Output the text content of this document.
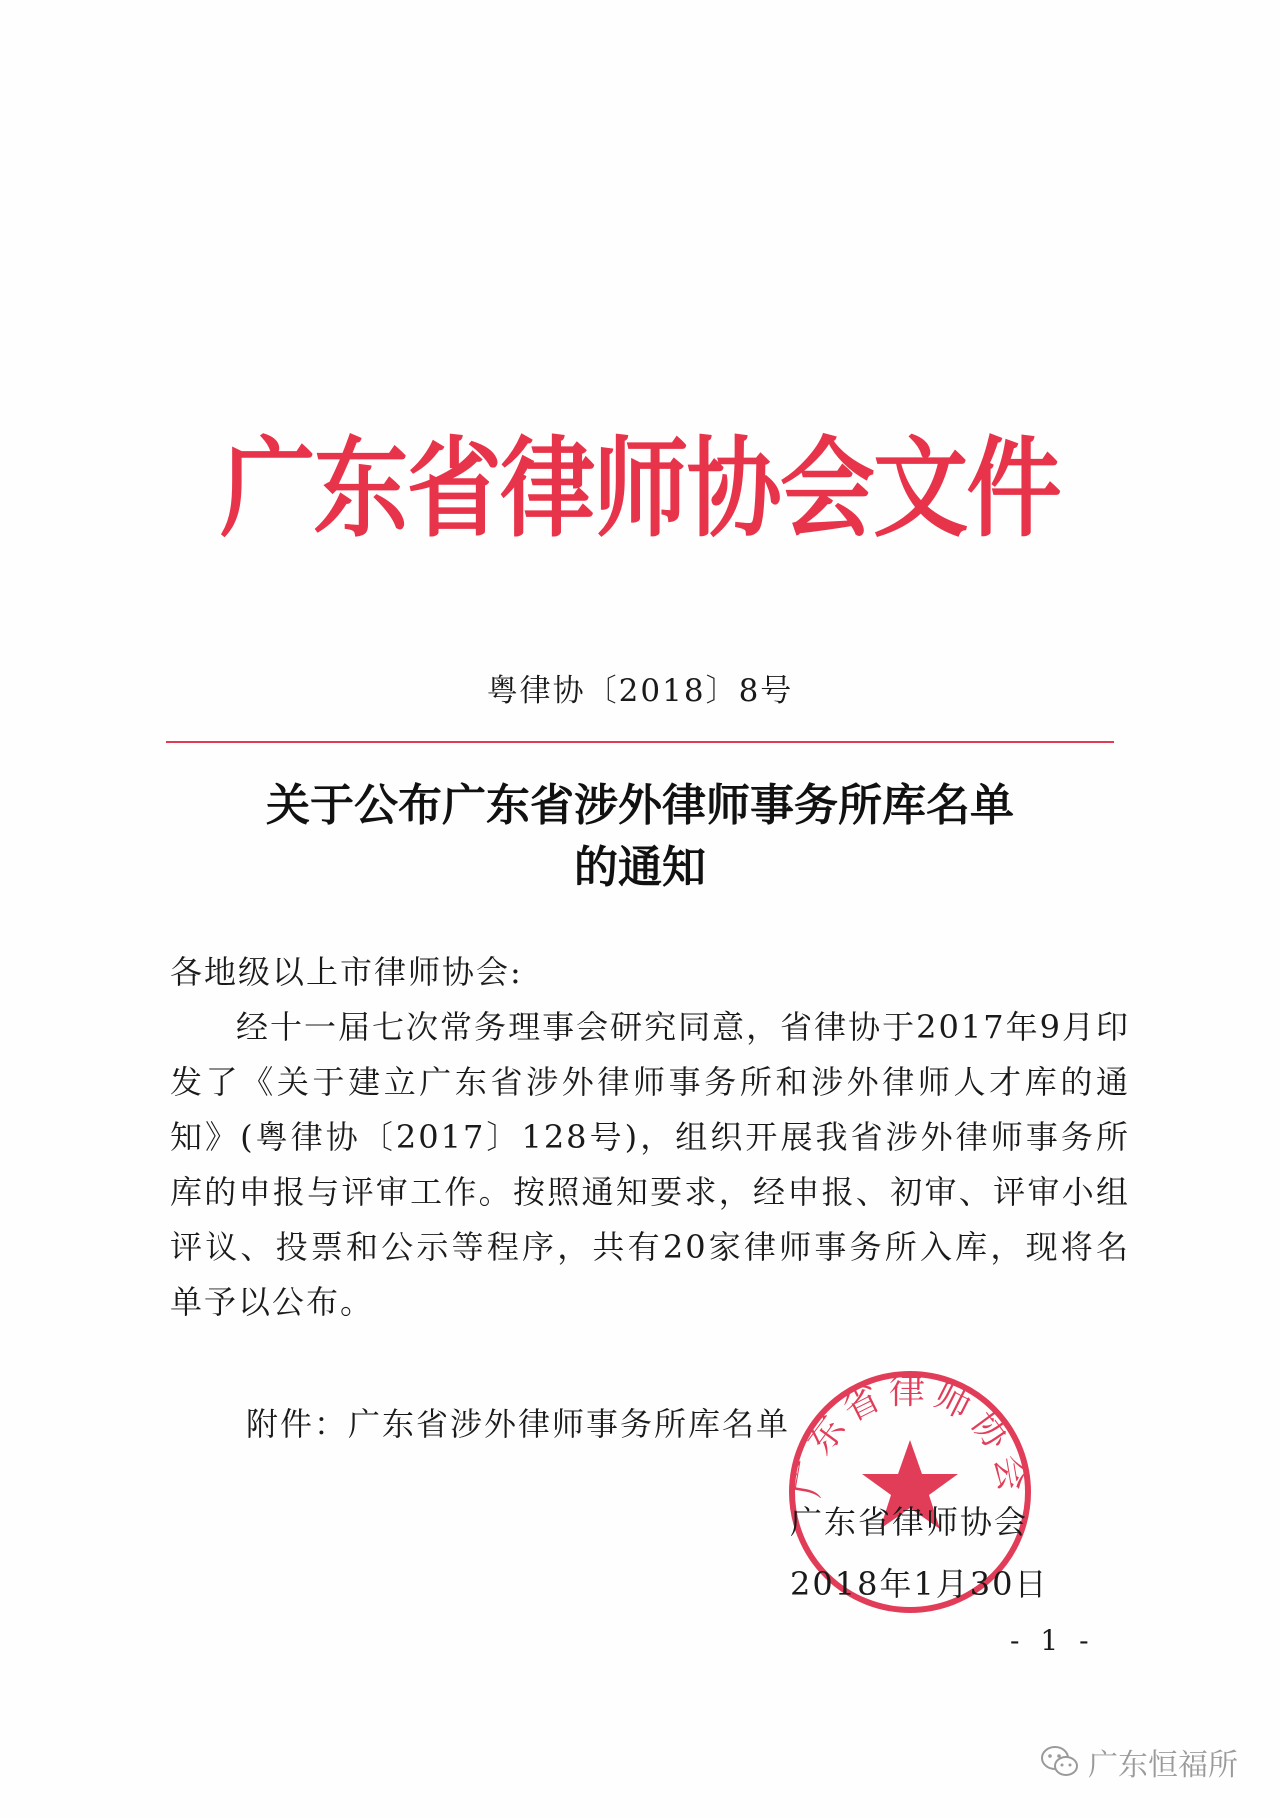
广东省律师协会文件
粤律协〔2018〕8号
关于公布广东省涉外律师事务所库名单
的通知

各地级以上市律师协会:

经十一届七次常务理事会研究同意，省律协于2017年9月印发了《关于建立广东省涉外律师事务所和涉外律师人才库的通知》(粤律协〔2017〕128号)，组织开展我省涉外律师事务所库的申报与评审工作。按照通知要求，经申报、初审、评审小组评议、投票和公示等程序，共有20家律师事务所入库，现将名单予以公布。

附件：广东省涉外律师事务所库名单
广东省律师协会
广东省律师协会
2018年1月30日
- 1 -
广东恒福所
